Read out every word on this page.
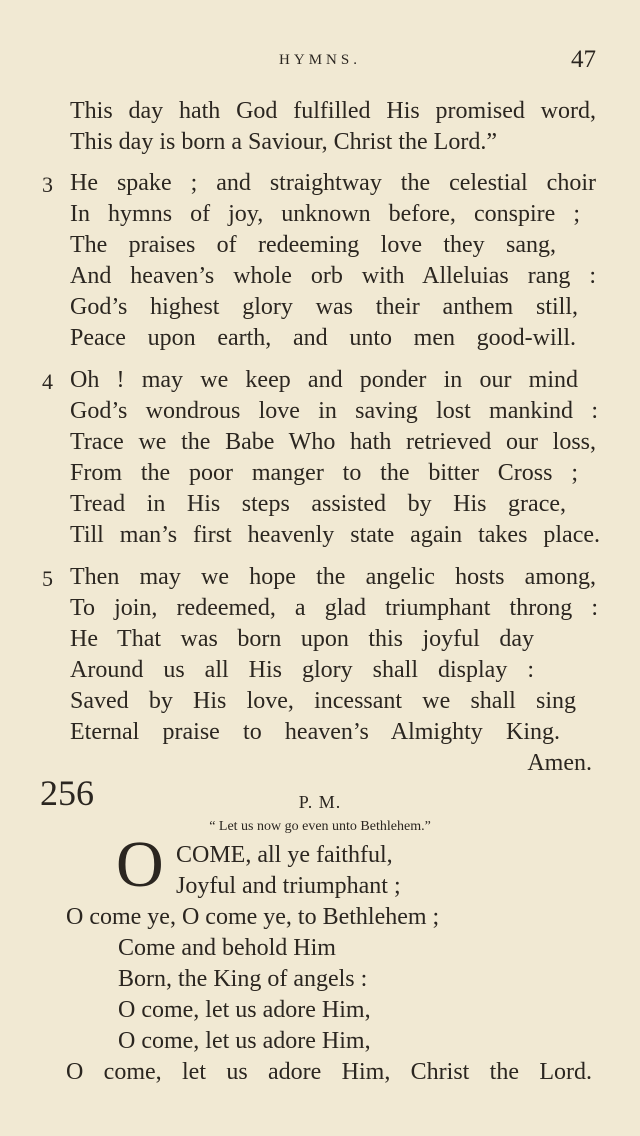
HYMNS.	47
This day hath God fulfilled His promised word,
This day is born a Saviour, Christ the Lord.”
3 He spake ; and straightway the celestial choir
In hymns of joy, unknown before, conspire ;
The praises of redeeming love they sang,
And heaven’s whole orb with Alleluias rang :
God’s highest glory was their anthem still,
Peace upon earth, and unto men good-will.
4 Oh ! may we keep and ponder in our mind
God’s wondrous love in saving lost mankind :
Trace we the Babe Who hath retrieved our loss,
From the poor manger to the bitter Cross ;
Tread in His steps assisted by His grace,
Till man’s first heavenly state again takes place.
5 Then may we hope the angelic hosts among,
To join, redeemed, a glad triumphant throng :
He That was born upon this joyful day
Around us all His glory shall display :
Saved by His love, incessant we shall sing
Eternal praise to heaven’s Almighty King.
Amen.
256	P. M.
“ Let us now go even unto Bethlehem.”
O COME, all ye faithful,
Joyful and triumphant ;
O come ye, O come ye, to Bethlehem ;
Come and behold Him
Born, the King of angels :
O come, let us adore Him,
O come, let us adore Him,
O come, let us adore Him, Christ the Lord.
